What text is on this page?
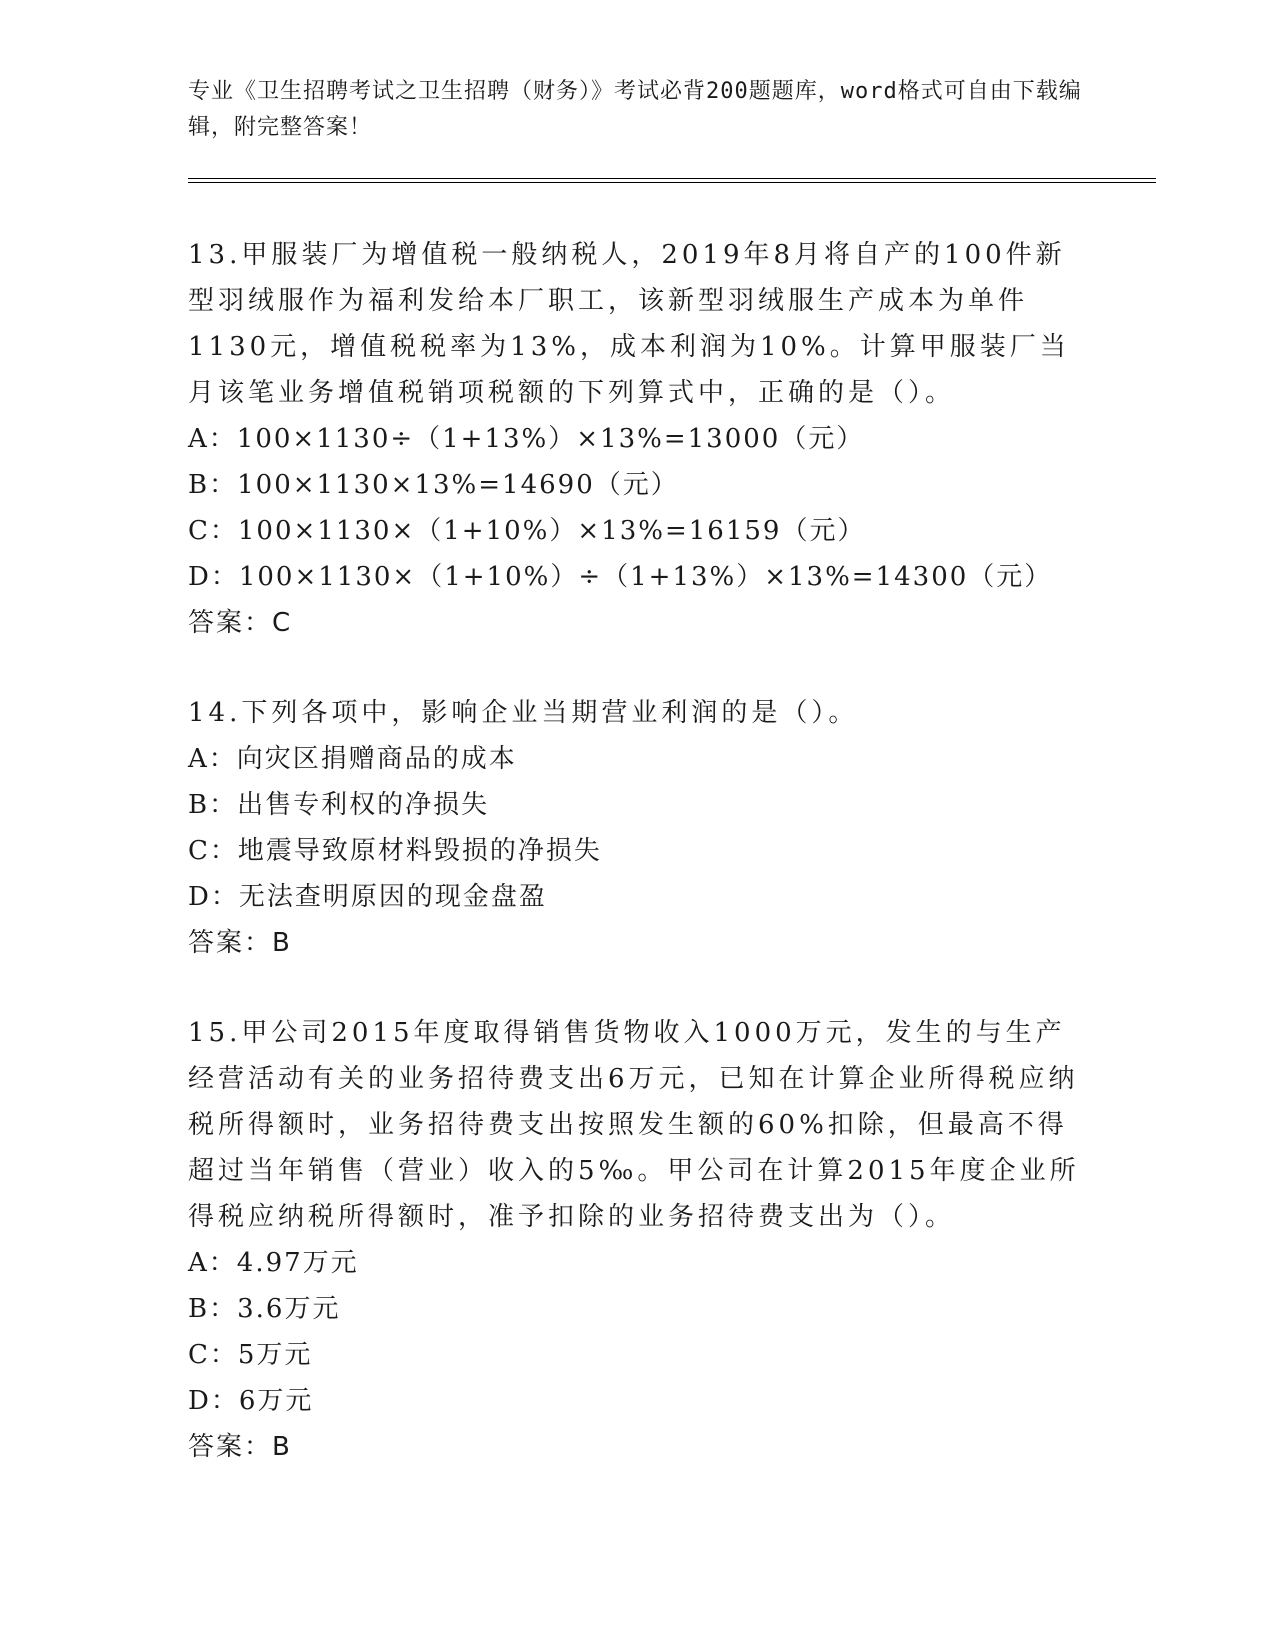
专业《卫生招聘考试之卫生招聘（财务）》考试必背200题题库，word格式可自由下载编辑，附完整答案！
13.甲服装厂为增值税一般纳税人，2019年8月将自产的100件新型羽绒服作为福利发给本厂职工，该新型羽绒服生产成本为单件1130元，增值税税率为13%，成本利润为10%。计算甲服装厂当月该笔业务增值税销项税额的下列算式中，正确的是（）。
A：100×1130÷（1+13%）×13%=13000（元）
B：100×1130×13%=14690（元）
C：100×1130×（1+10%）×13%=16159（元）
D：100×1130×（1+10%）÷（1+13%）×13%=14300（元）
答案：C
14.下列各项中，影响企业当期营业利润的是（）。
A：向灾区捐赠商品的成本
B：出售专利权的净损失
C：地震导致原材料毁损的净损失
D：无法查明原因的现金盘盈
答案：B
15.甲公司2015年度取得销售货物收入1000万元，发生的与生产经营活动有关的业务招待费支出6万元，已知在计算企业所得税应纳税所得额时，业务招待费支出按照发生额的60%扣除，但最高不得超过当年销售（营业）收入的5‰。甲公司在计算2015年度企业所得税应纳税所得额时，准予扣除的业务招待费支出为（）。
A：4.97万元
B：3.6万元
C：5万元
D：6万元
答案：B
